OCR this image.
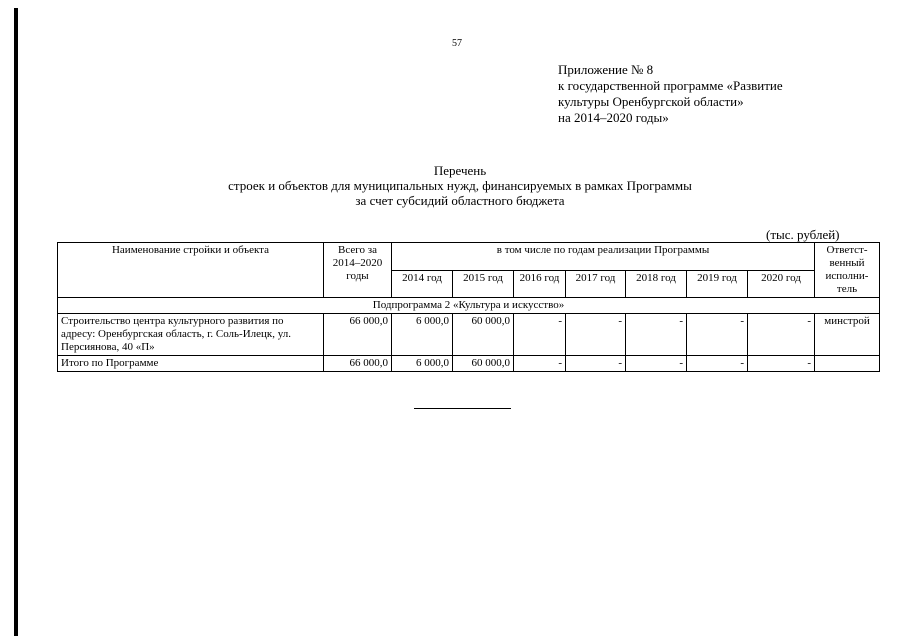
57
Приложение № 8
к государственной программе «Развитие
культуры Оренбургской области»
на 2014–2020 годы»
Перечень
строек и объектов для муниципальных нужд, финансируемых в рамках Программы
за счет субсидий областного бюджета
(тыс. рублей)
Наименование стройки и объекта	Всего за 2014–2020 годы	в том числе по годам реализации Программы							Ответст-венный исполни-тель
		2014 год	2015 год	2016 год	2017 год	2018 год	2019 год	2020 год	
Подпрограмма 2 «Культура и искусство»									
Строительство центра культурного развития по адресу: Оренбургская область, г. Соль-Илецк, ул. Персиянова, 40 «П»	66 000,0	6 000,0	60 000,0	-	-	-	-	-	минстрой
Итого по Программе	66 000,0	6 000,0	60 000,0	-	-	-	-	-	
